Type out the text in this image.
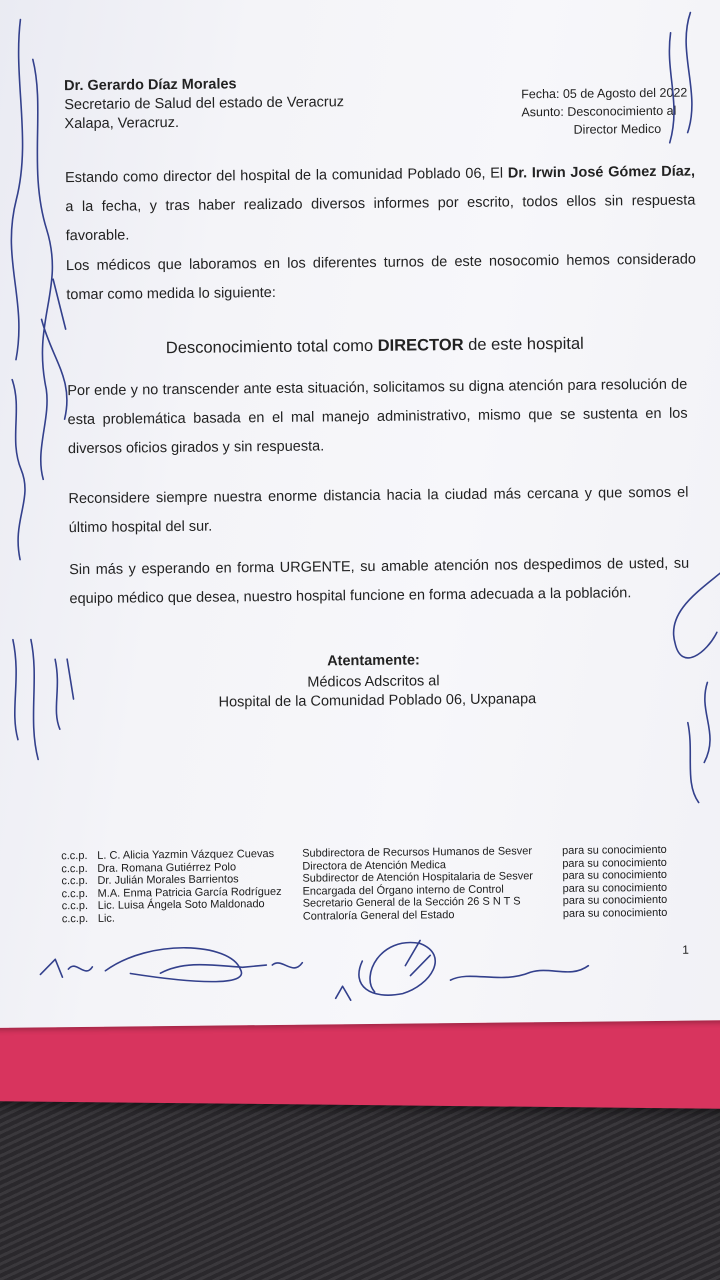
Dr. Gerardo Díaz Morales
Secretario de Salud del estado de Veracruz
Xalapa, Veracruz.
Fecha: 05 de Agosto del 2022
Asunto: Desconocimiento al
Director Medico
Estando como director del hospital de la comunidad Poblado 06, El Dr. Irwin José Gómez Díaz, a la fecha, y tras haber realizado diversos informes por escrito, todos ellos sin respuesta favorable.
Los médicos que laboramos en los diferentes turnos de este nosocomio hemos considerado tomar como medida lo siguiente:
Desconocimiento total como DIRECTOR de este hospital
Por ende y no transcender ante esta situación, solicitamos su digna atención para resolución de esta problemática basada en el mal manejo administrativo, mismo que se sustenta en los diversos oficios girados y sin respuesta.
Reconsidere siempre nuestra enorme distancia hacia la ciudad más cercana y que somos el último hospital del sur.
Sin más y esperando en forma URGENTE, su amable atención nos despedimos de usted, su equipo médico que desea, nuestro hospital funcione en forma adecuada a la población.
Atentamente:
Médicos Adscritos al
Hospital de la Comunidad Poblado 06, Uxpanapa
c.c.p.
c.c.p.
c.c.p.
c.c.p.
c.c.p.
c.c.p.
L. C. Alicia Yazmin Vázquez Cuevas
Dra. Romana Gutiérrez Polo
Dr. Julián Morales Barrientos
M.A. Enma Patricia García Rodríguez
Lic. Luisa Ángela Soto Maldonado
Lic.
Subdirectora de Recursos Humanos de Sesver
Directora de Atención Medica
Subdirector de Atención Hospitalaria de Sesver
Encargada del Órgano interno de Control
Secretario General de la Sección 26 S N T S
Contraloría General del Estado
para su conocimiento
para su conocimiento
para su conocimiento
para su conocimiento
para su conocimiento
para su conocimiento
1
